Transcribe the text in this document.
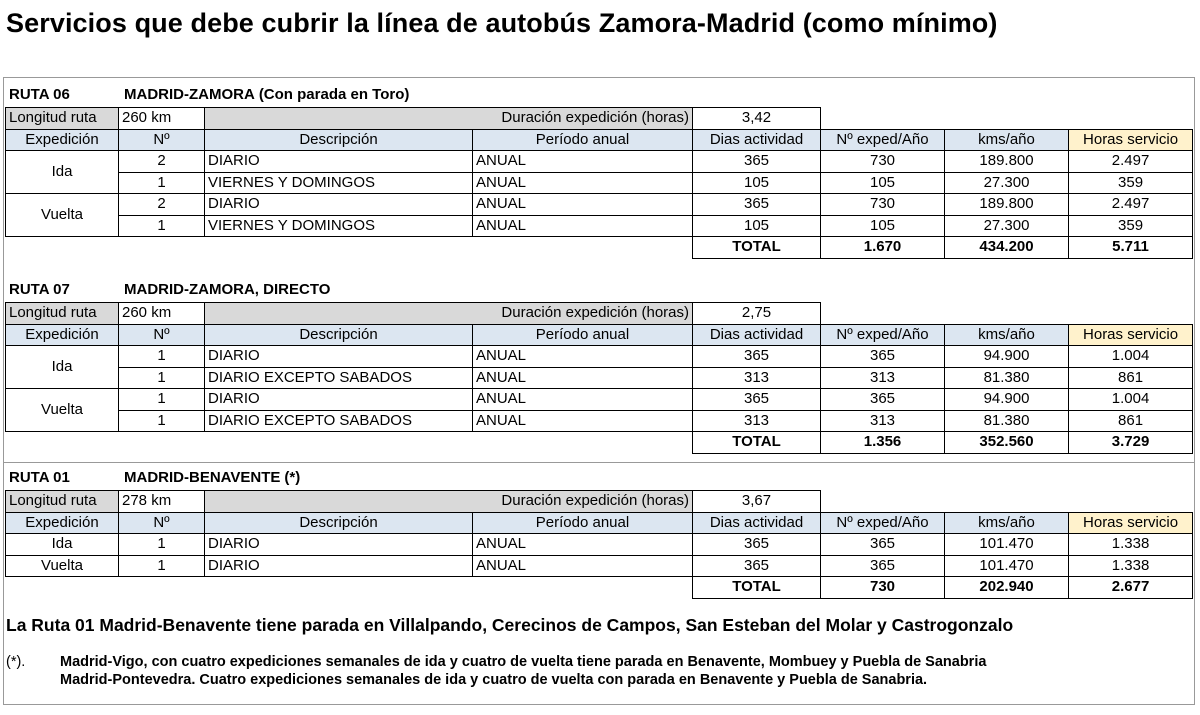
Servicios que debe cubrir la línea de autobús Zamora-Madrid (como mínimo)
RUTA 06	MADRID-ZAMORA (Con parada en Toro)
Longitud ruta	260 km	Duración expedición (horas)		3,42			
Expedición	Nº	Descripción	Período anual	Dias actividad	Nº exped/Año	kms/año	Horas servicio
Ida	2	DIARIO	ANUAL	365	730	189.800	2.497
	1	VIERNES Y DOMINGOS	ANUAL	105	105	27.300	359
Vuelta	2	DIARIO	ANUAL	365	730	189.800	2.497
	1	VIERNES Y DOMINGOS	ANUAL	105	105	27.300	359
				TOTAL	1.670	434.200	5.711
RUTA 07	MADRID-ZAMORA, DIRECTO
Longitud ruta	260 km	Duración expedición (horas)		2,75			
Expedición	Nº	Descripción	Período anual	Dias actividad	Nº exped/Año	kms/año	Horas servicio
Ida	1	DIARIO	ANUAL	365	365	94.900	1.004
	1	DIARIO EXCEPTO SABADOS	ANUAL	313	313	81.380	861
Vuelta	1	DIARIO	ANUAL	365	365	94.900	1.004
	1	DIARIO EXCEPTO SABADOS	ANUAL	313	313	81.380	861
				TOTAL	1.356	352.560	3.729
RUTA 01	MADRID-BENAVENTE (*)
Longitud ruta	278 km	Duración expedición (horas)		3,67			
Expedición	Nº	Descripción	Período anual	Dias actividad	Nº exped/Año	kms/año	Horas servicio
Ida	1	DIARIO	ANUAL	365	365	101.470	1.338
Vuelta	1	DIARIO	ANUAL	365	365	101.470	1.338
				TOTAL	730	202.940	2.677
La Ruta 01 Madrid-Benavente tiene parada en Villalpando, Cerecinos de Campos, San Esteban del Molar y Castrogonzalo
(*). Madrid-Vigo, con cuatro expediciones semanales de ida y cuatro de vuelta tiene parada en Benavente, Mombuey y Puebla de Sanabria
Madrid-Pontevedra. Cuatro expediciones semanales de ida y cuatro de vuelta con parada en Benavente y Puebla de Sanabria.
